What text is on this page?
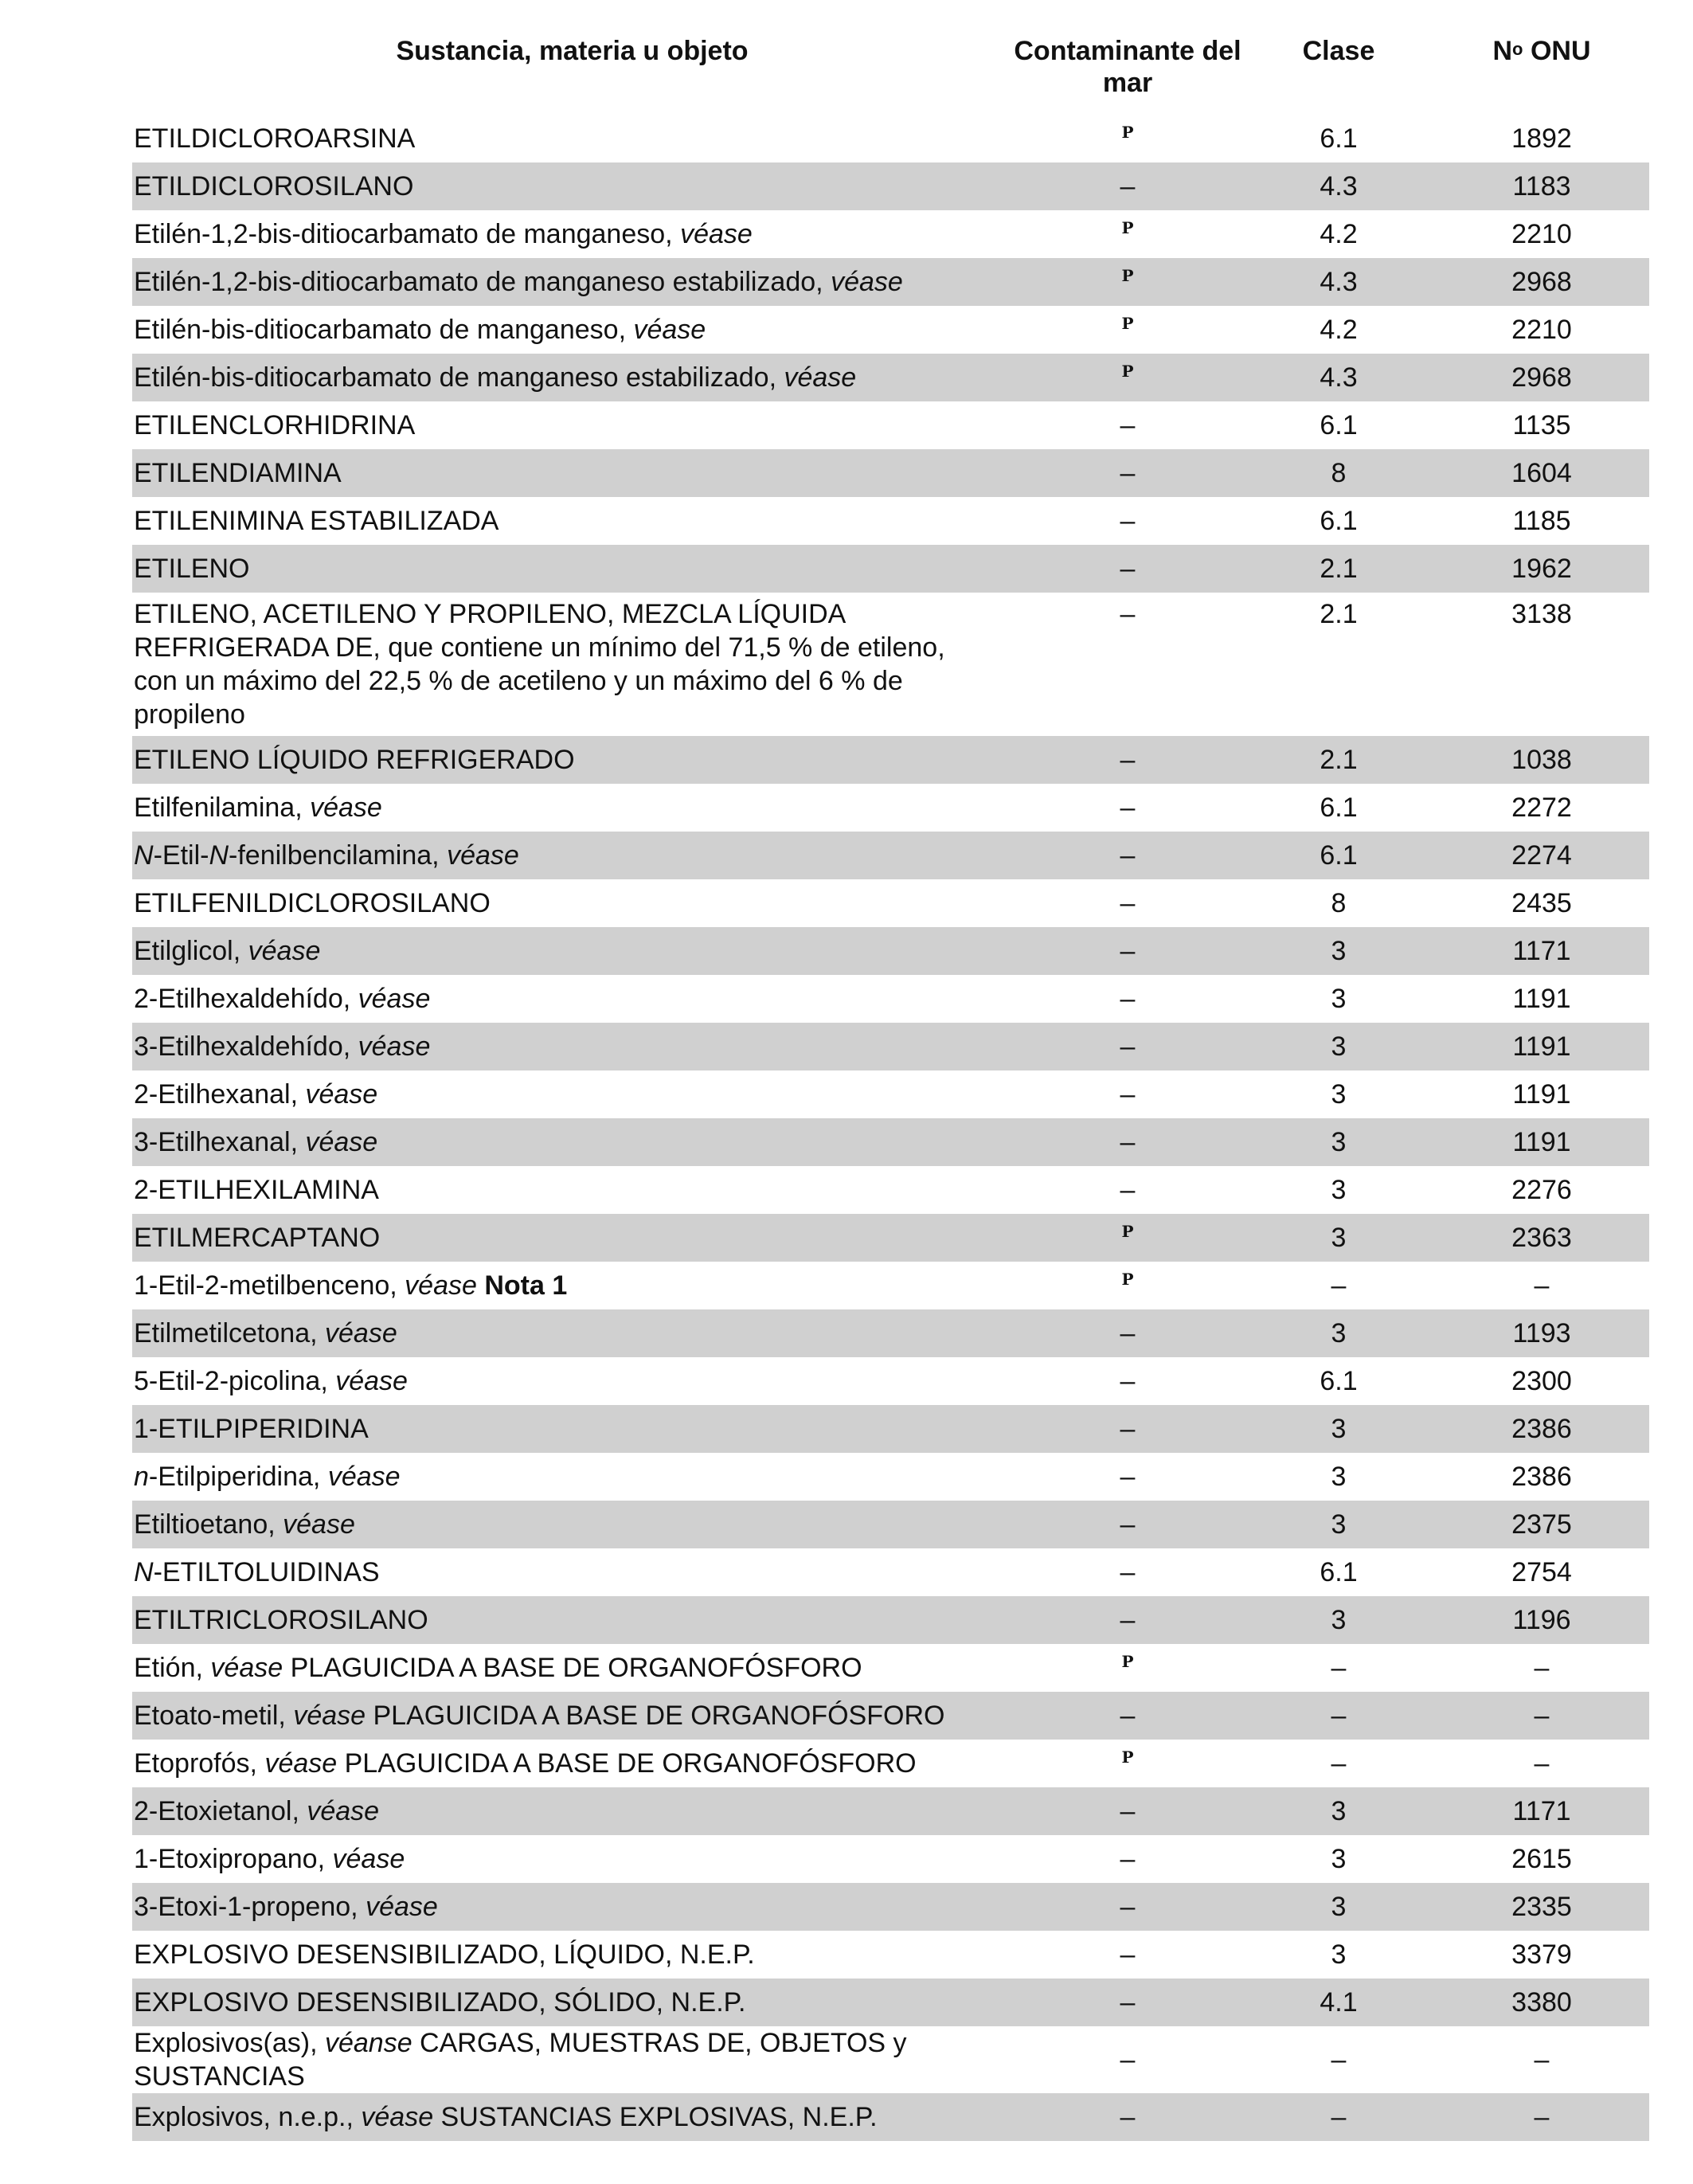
Sustancia, materia u objeto	Contaminante del mar	Clase	$N^o$ ONU
ETILDICLOROARSINA	$^P$	6.1	1892
ETILDICLOROSILANO	–	4.3	1183
Etilén-1,2-bis-ditiocarbamato de manganeso, véase	$^P$	4.2	2210
Etilén-1,2-bis-ditiocarbamato de manganeso estabilizado, véase	$^P$	4.3	2968
Etilén-bis-ditiocarbamato de manganeso, véase	$^P$	4.2	2210
Etilén-bis-ditiocarbamato de manganeso estabilizado, véase	$^P$	4.3	2968
ETILENCLORHIDRINA	–	6.1	1135
ETILENDIAMINA	–	8	1604
ETILENIMINA ESTABILIZADA	–	6.1	1185
ETILENO	–	2.1	1962
ETILENO, ACETILENO Y PROPILENO, MEZCLA LÍQUIDA REFRIGERADA DE, que contiene un mínimo del 71,5 % de etileno, con un máximo del 22,5 % de acetileno y un máximo del 6 % de propileno	–	2.1	3138
ETILENO LÍQUIDO REFRIGERADO	–	2.1	1038
Etilfenilamina, véase	–	6.1	2272
N-Etil-N-fenilbencilamina, véase	–	6.1	2274
ETILFENILDICLOROSILANO	–	8	2435
Etilglicol, véase	–	3	1171
2-Etilhexaldehído, véase	–	3	1191
3-Etilhexaldehído, véase	–	3	1191
2-Etilhexanal, véase	–	3	1191
3-Etilhexanal, véase	–	3	1191
2-ETILHEXILAMINA	–	3	2276
ETILMERCAPTANO	$^P$	3	2363
1-Etil-2-metilbenceno, véase Nota 1	$^P$	–	–
Etilmetilcetona, véase	–	3	1193
5-Etil-2-picolina, véase	–	6.1	2300
1-ETILPIPERIDINA	–	3	2386
n-Etilpiperidina, véase	–	3	2386
Etiltioetano, véase	–	3	2375
N-ETILTOLUIDINAS	–	6.1	2754
ETILTRICLOROSILANO	–	3	1196
Etión, véase PLAGUICIDA A BASE DE ORGANOFÓSFORO	$^P$	–	–
Etoato-metil, véase PLAGUICIDA A BASE DE ORGANOFÓSFORO	–	–	–
Etoprofós, véase PLAGUICIDA A BASE DE ORGANOFÓSFORO	$^P$	–	–
2-Etoxietanol, véase	–	3	1171
1-Etoxipropano, véase	–	3	2615
3-Etoxi-1-propeno, véase	–	3	2335
EXPLOSIVO DESENSIBILIZADO, LÍQUIDO, N.E.P.	–	3	3379
EXPLOSIVO DESENSIBILIZADO, SÓLIDO, N.E.P.	–	4.1	3380
Explosivos(as), véanse CARGAS, MUESTRAS DE, OBJETOS y SUSTANCIAS	–	–	–
Explosivos, n.e.p., véase SUSTANCIAS EXPLOSIVAS, N.E.P.	–	–	–
